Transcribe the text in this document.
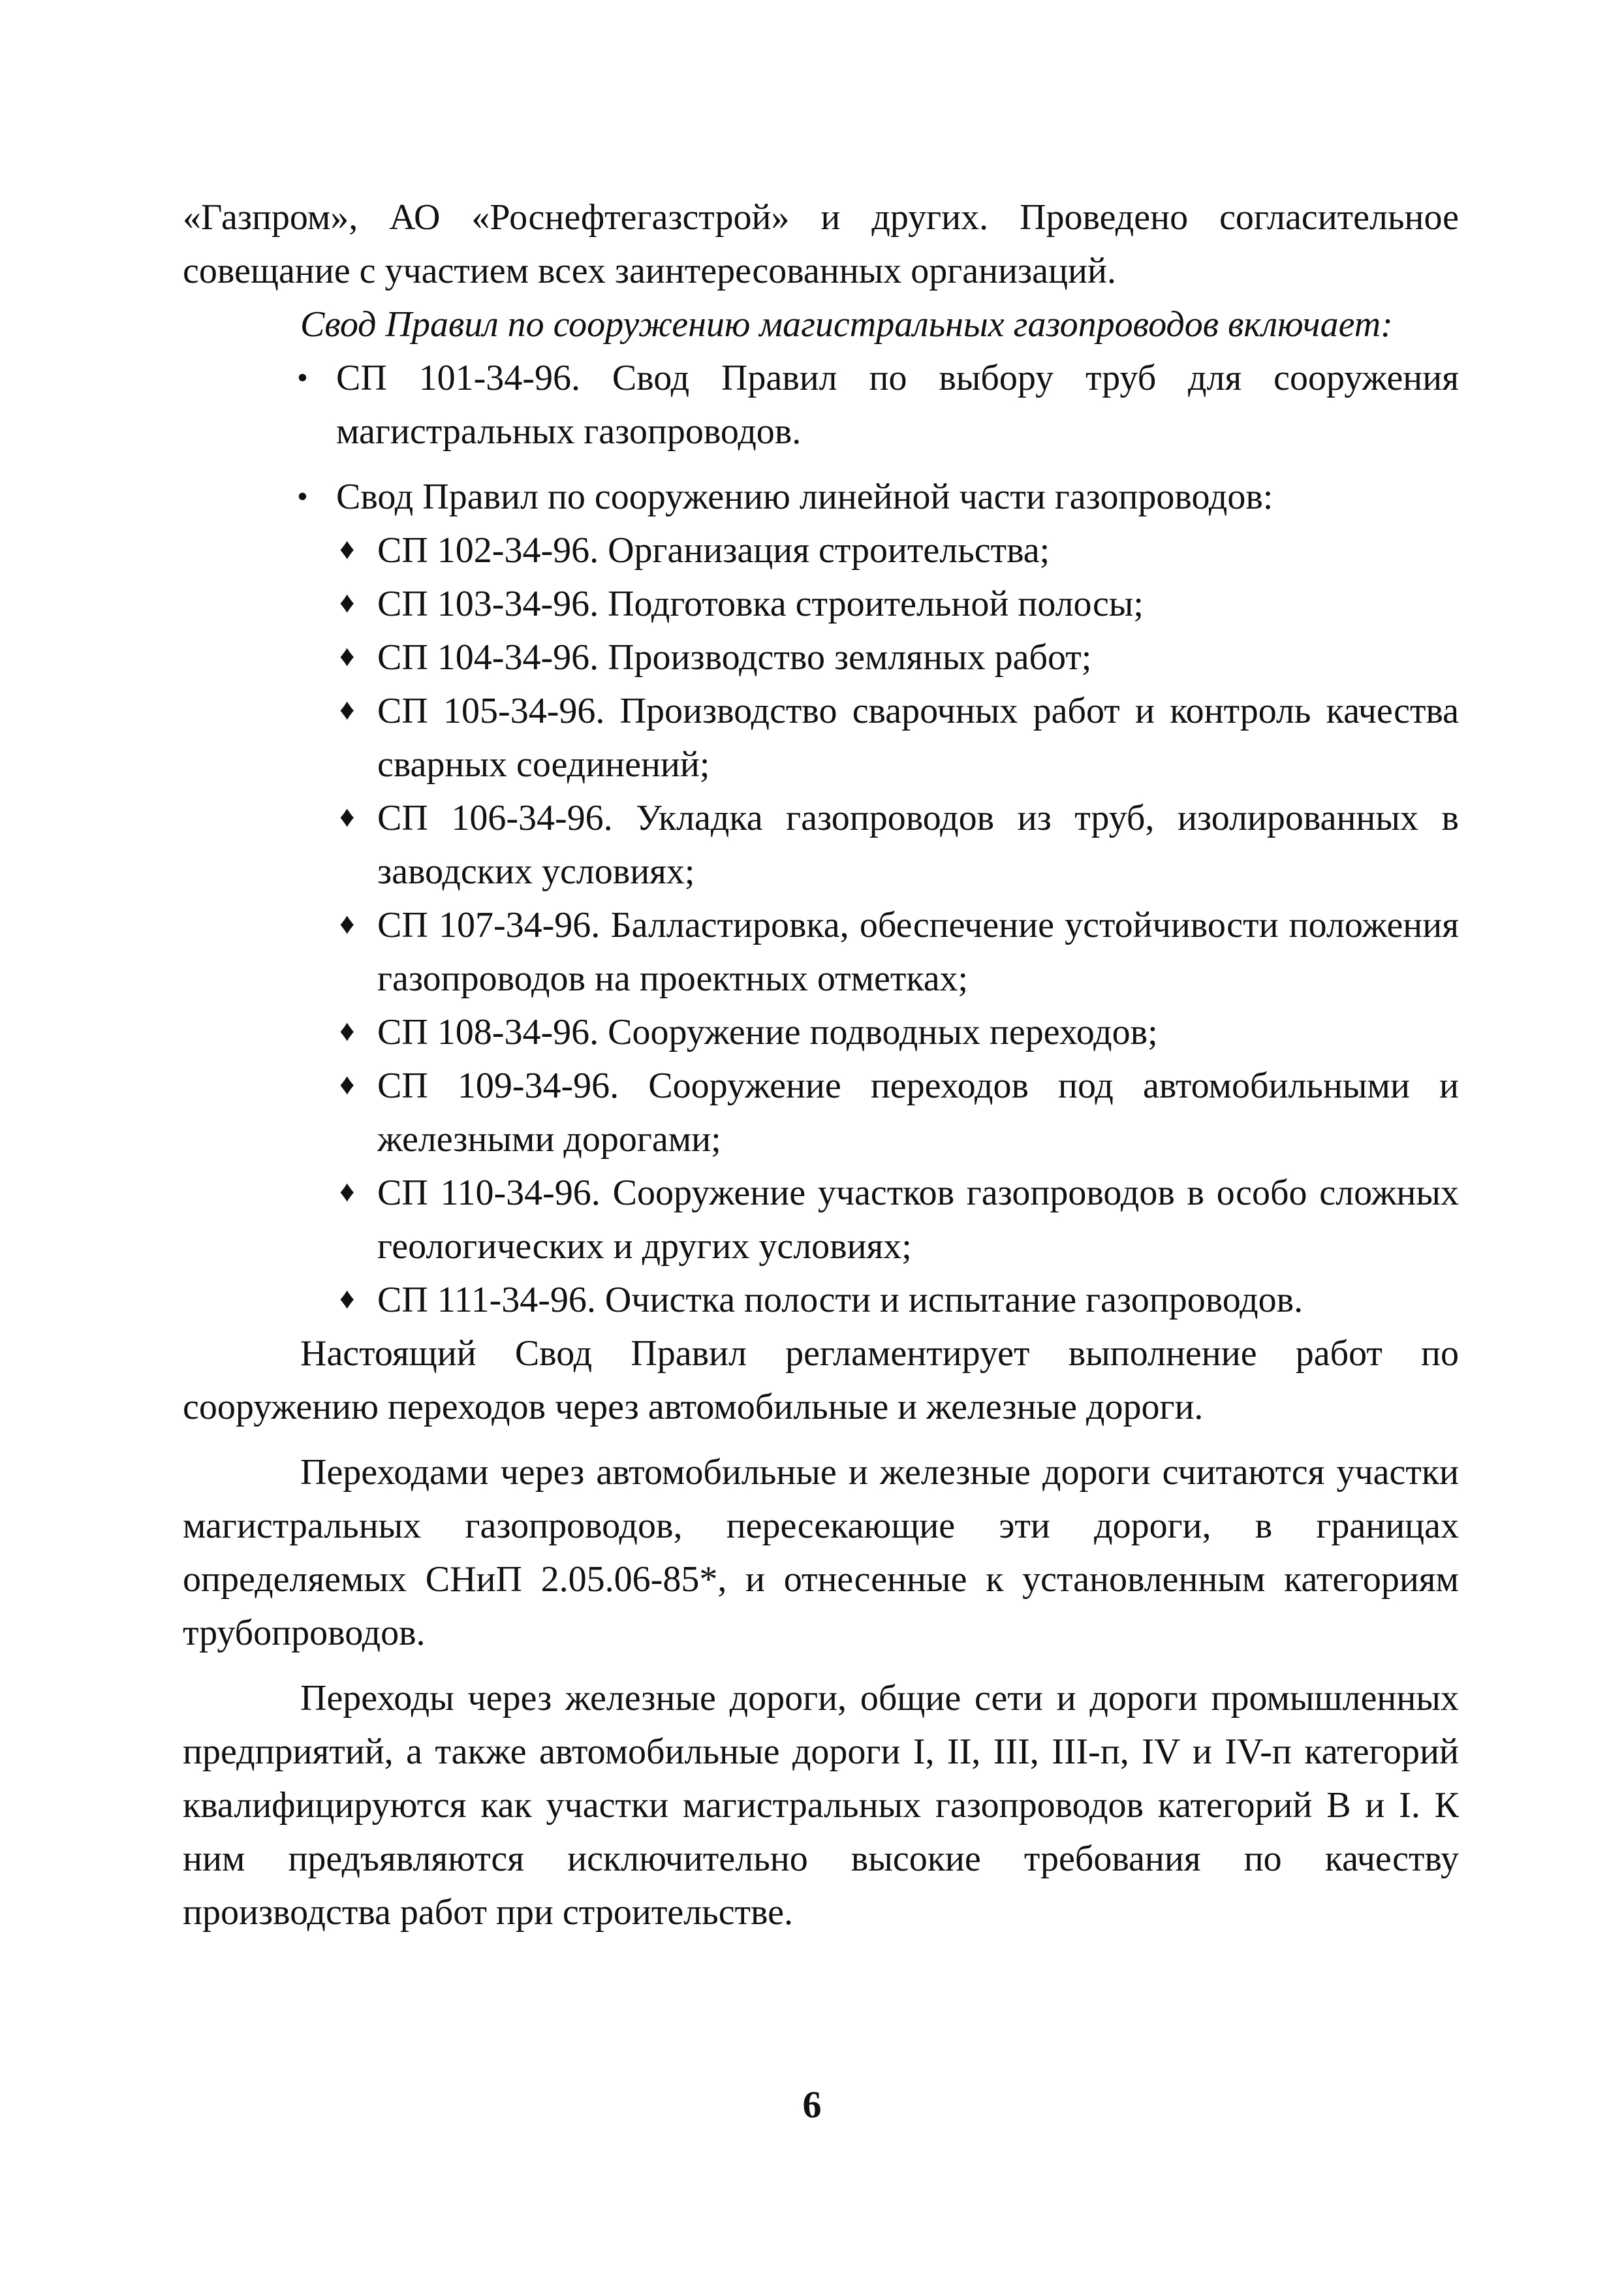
«Газпром», АО «Роснефтегазстрой» и других. Проведено согласительное совещание с участием всех заинтересованных организаций.

Свод Правил по сооружению магистральных газопроводов включает:

• СП 101-34-96. Свод Правил по выбору труб для сооружения магистральных газопроводов.
• Свод Правил по сооружению линейной части газопроводов:
♦ СП 102-34-96. Организация строительства;
♦ СП 103-34-96. Подготовка строительной полосы;
♦ СП 104-34-96. Производство земляных работ;
♦ СП 105-34-96. Производство сварочных работ и контроль качества сварных соединений;
♦ СП 106-34-96. Укладка газопроводов из труб, изолированных в заводских условиях;
♦ СП 107-34-96. Балластировка, обеспечение устойчивости положения газопроводов на проектных отметках;
♦ СП 108-34-96. Сооружение подводных переходов;
♦ СП 109-34-96. Сооружение переходов под автомобильными и железными дорогами;
♦ СП 110-34-96. Сооружение участков газопроводов в особо сложных геологических и других условиях;
♦ СП 111-34-96. Очистка полости и испытание газопроводов.

Настоящий Свод Правил регламентирует выполнение работ по сооружению переходов через автомобильные и железные дороги.

Переходами через автомобильные и железные дороги считаются участки магистральных газопроводов, пересекающие эти дороги, в границах определяемых СНиП 2.05.06-85*, и отнесенные к установленным категориям трубопроводов.

Переходы через железные дороги, общие сети и дороги промышленных предприятий, а также автомобильные дороги I, II, III, III-п, IV и IV-п категорий квалифицируются как участки магистральных газопроводов категорий В и I. К ним предъявляются исключительно высокие требования по качеству производства работ при строительстве.

6
